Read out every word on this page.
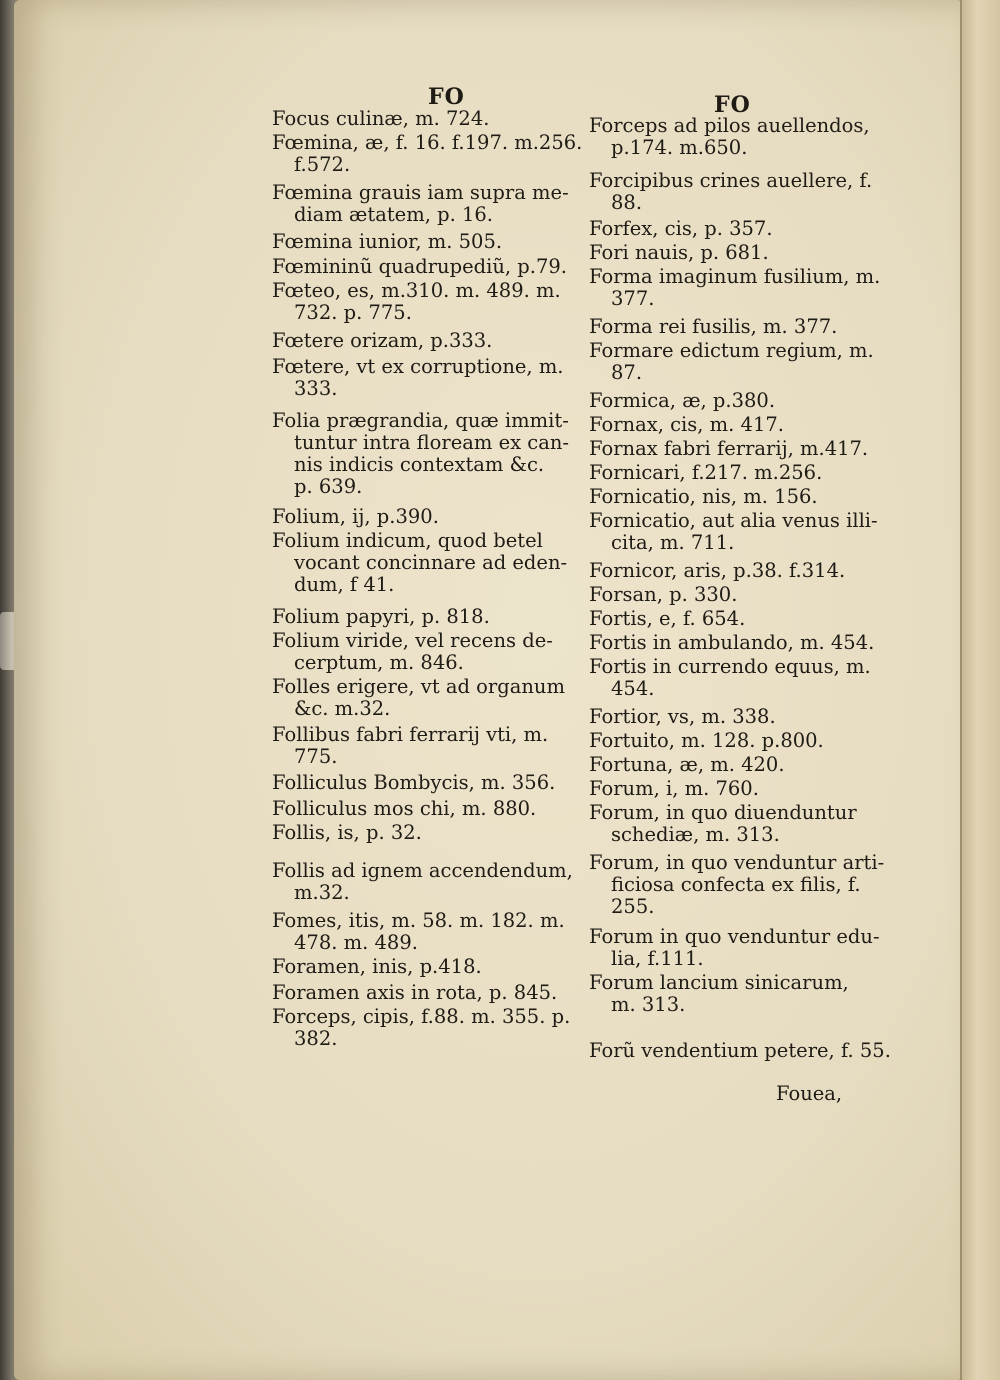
FO	FO
Focus culinæ, m. 724.
Fœmina, æ, f. 16. f.197. m.256.
f.572.
Fœmina grauis iam supra me-
diam ætatem, p. 16.
Fœmina iunior, m. 505.
Fœmininũ quadrupediũ, p.79.
Fœteo, es, m.310. m. 489. m.
732. p. 775.
Fœtere orizam, p.333.
Fœtere, vt ex corruptione, m.
333.
Folia prægrandia, quæ immit-
tuntur intra floream ex can-
nis indicis contextam &c.
p. 639.
Folium, ij, p.390.
Folium indicum, quod betel
vocant concinnare ad eden-
dum, f 41.
Folium papyri, p. 818.
Folium viride, vel recens de-
cerptum, m. 846.
Folles erigere, vt ad organum
&c. m.32.
Follibus fabri ferrarij vti, m.
775.
Folliculus Bombycis, m. 356.
Folliculus mos chi, m. 880.
Follis, is, p. 32.
Follis ad ignem accendendum,
m.32.
Fomes, itis, m. 58. m. 182. m.
478. m. 489.
Foramen, inis, p.418.
Foramen axis in rota, p. 845.
Forceps, cipis, f.88. m. 355. p.
382.
Forceps ad pilos auellendos,
p.174. m.650.
Forcipibus crines auellere, f.
88.
Forfex, cis, p. 357.
Fori nauis, p. 681.
Forma imaginum fusilium, m.
377.
Forma rei fusilis, m. 377.
Formare edictum regium, m.
87.
Formica, æ, p.380.
Fornax, cis, m. 417.
Fornax fabri ferrarij, m.417.
Fornicari, f.217. m.256.
Fornicatio, nis, m. 156.
Fornicatio, aut alia venus illi-
cita, m. 711.
Fornicor, aris, p.38. f.314.
Forsan, p. 330.
Fortis, e, f. 654.
Fortis in ambulando, m. 454.
Fortis in currendo equus, m.
454.
Fortior, vs, m. 338.
Fortuito, m. 128. p.800.
Fortuna, æ, m. 420.
Forum, i, m. 760.
Forum, in quo diuenduntur
schediæ, m. 313.
Forum, in quo venduntur arti-
ficiosa confecta ex filis, f.
255.
Forum in quo venduntur edu-
lia, f.111.
Forum lancium sinicarum,
m. 313.
Forũ vendentium petere, f. 55.
Fouea,
